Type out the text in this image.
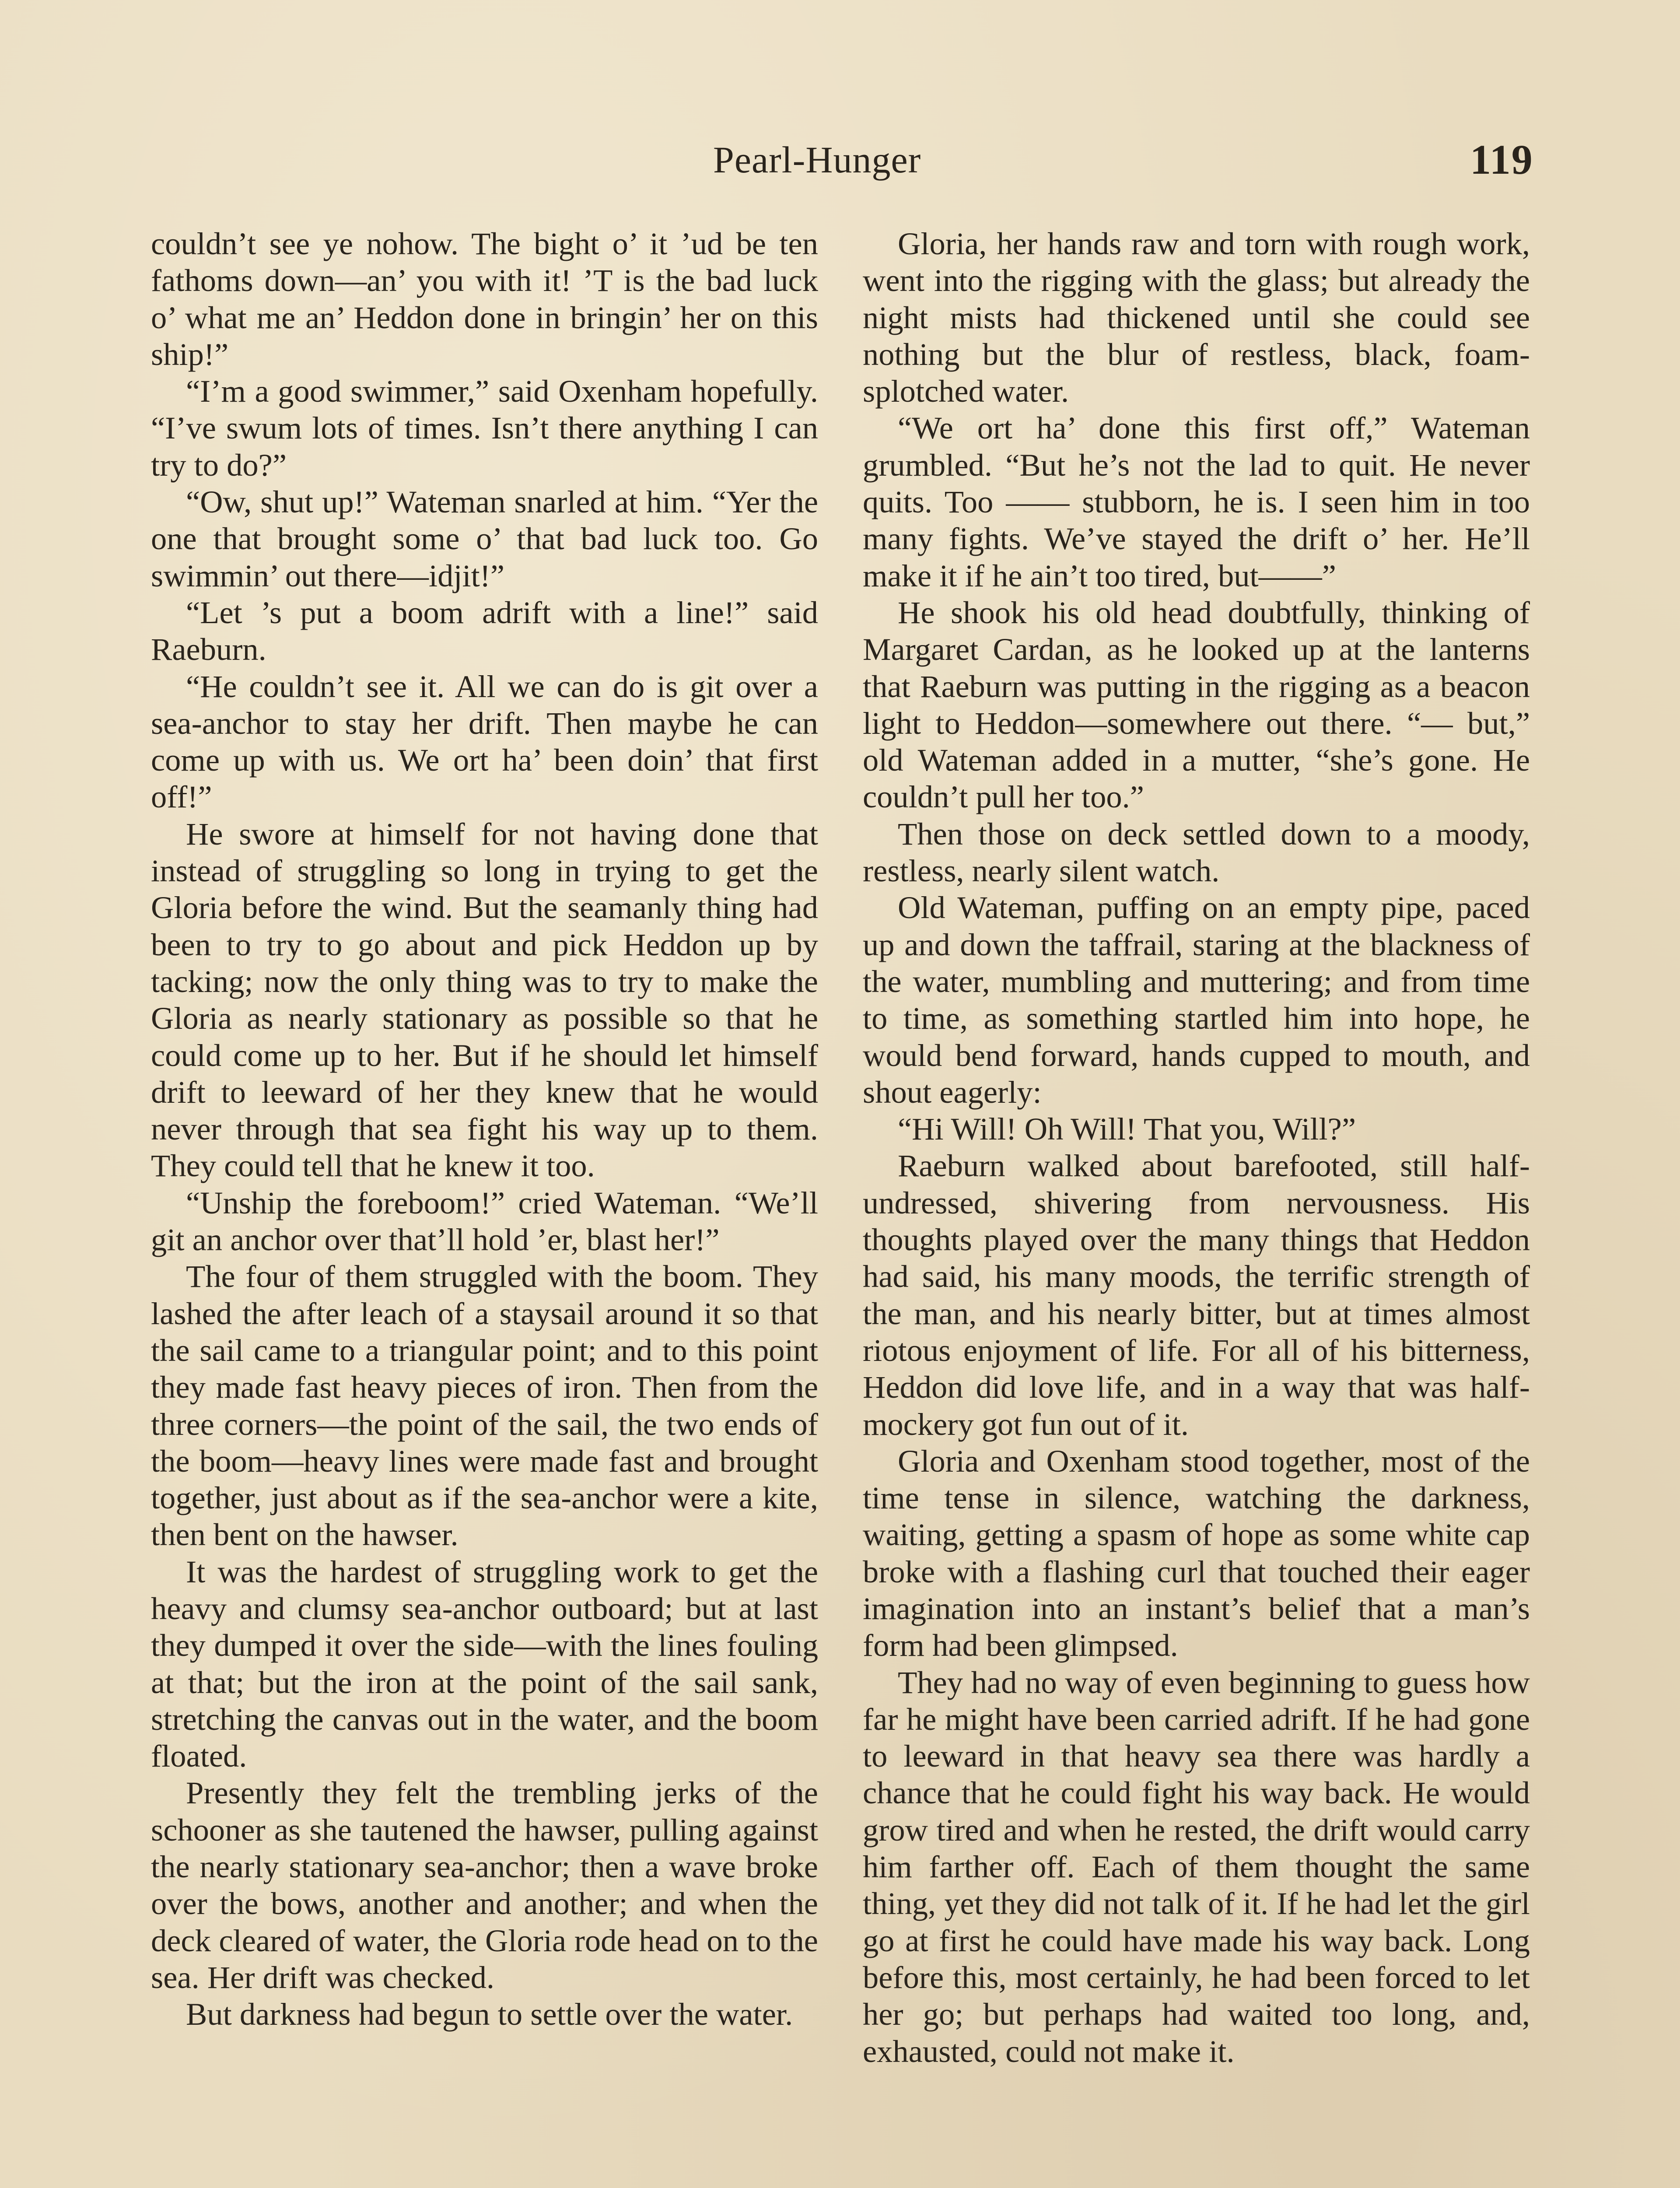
Pearl-Hunger	119

couldn’t see ye nohow. The bight o’ it ’ud be ten fathoms down—an’ you with it! ’T is the bad luck o’ what me an’ Heddon done in bringin’ her on this ship!”

“I’m a good swimmer,” said Oxenham hopefully. “I’ve swum lots of times. Isn’t there anything I can try to do?”

“Ow, shut up!” Wateman snarled at him. “Yer the one that brought some o’ that bad luck too. Go swimmin’ out there—idjit!”

“Let ’s put a boom adrift with a line!” said Raeburn.

“He couldn’t see it. All we can do is git over a sea-anchor to stay her drift. Then maybe he can come up with us. We ort ha’ been doin’ that first off!”

He swore at himself for not having done that instead of struggling so long in trying to get the Gloria before the wind. But the seamanly thing had been to try to go about and pick Heddon up by tacking; now the only thing was to try to make the Gloria as nearly stationary as possible so that he could come up to her. But if he should let himself drift to leeward of her they knew that he would never through that sea fight his way up to them. They could tell that he knew it too.

“Unship the foreboom!” cried Wateman. “We’ll git an anchor over that’ll hold ’er, blast her!”

The four of them struggled with the boom. They lashed the after leach of a staysail around it so that the sail came to a triangular point; and to this point they made fast heavy pieces of iron. Then from the three corners—the point of the sail, the two ends of the boom—heavy lines were made fast and brought together, just about as if the sea-anchor were a kite, then bent on the hawser.

It was the hardest of struggling work to get the heavy and clumsy sea-anchor outboard; but at last they dumped it over the side—with the lines fouling at that; but the iron at the point of the sail sank, stretching the canvas out in the water, and the boom floated.

Presently they felt the trembling jerks of the schooner as she tautened the hawser, pulling against the nearly stationary sea-anchor; then a wave broke over the bows, another and another; and when the deck cleared of water, the Gloria rode head on to the sea. Her drift was checked.

But darkness had begun to settle over the water.

Gloria, her hands raw and torn with rough work, went into the rigging with the glass; but already the night mists had thickened until she could see nothing but the blur of restless, black, foam-splotched water.

“We ort ha’ done this first off,” Wateman grumbled. “But he’s not the lad to quit. He never quits. Too —— stubborn, he is. I seen him in too many fights. We’ve stayed the drift o’ her. He’ll make it if he ain’t too tired, but——”

He shook his old head doubtfully, thinking of Margaret Cardan, as he looked up at the lanterns that Raeburn was putting in the rigging as a beacon light to Heddon—somewhere out there. “— but,” old Wateman added in a mutter, “she’s gone. He couldn’t pull her too.”

Then those on deck settled down to a moody, restless, nearly silent watch.

Old Wateman, puffing on an empty pipe, paced up and down the taffrail, staring at the blackness of the water, mumbling and muttering; and from time to time, as something startled him into hope, he would bend forward, hands cupped to mouth, and shout eagerly:

“Hi Will! Oh Will! That you, Will?”

Raeburn walked about barefooted, still half-undressed, shivering from nervousness. His thoughts played over the many things that Heddon had said, his many moods, the terrific strength of the man, and his nearly bitter, but at times almost riotous enjoyment of life. For all of his bitterness, Heddon did love life, and in a way that was half-mockery got fun out of it.

Gloria and Oxenham stood together, most of the time tense in silence, watching the darkness, waiting, getting a spasm of hope as some white cap broke with a flashing curl that touched their eager imagination into an instant’s belief that a man’s form had been glimpsed.

They had no way of even beginning to guess how far he might have been carried adrift. If he had gone to leeward in that heavy sea there was hardly a chance that he could fight his way back. He would grow tired and when he rested, the drift would carry him farther off. Each of them thought the same thing, yet they did not talk of it. If he had let the girl go at first he could have made his way back. Long before this, most certainly, he had been forced to let her go; but perhaps had waited too long, and, exhausted, could not make it.
